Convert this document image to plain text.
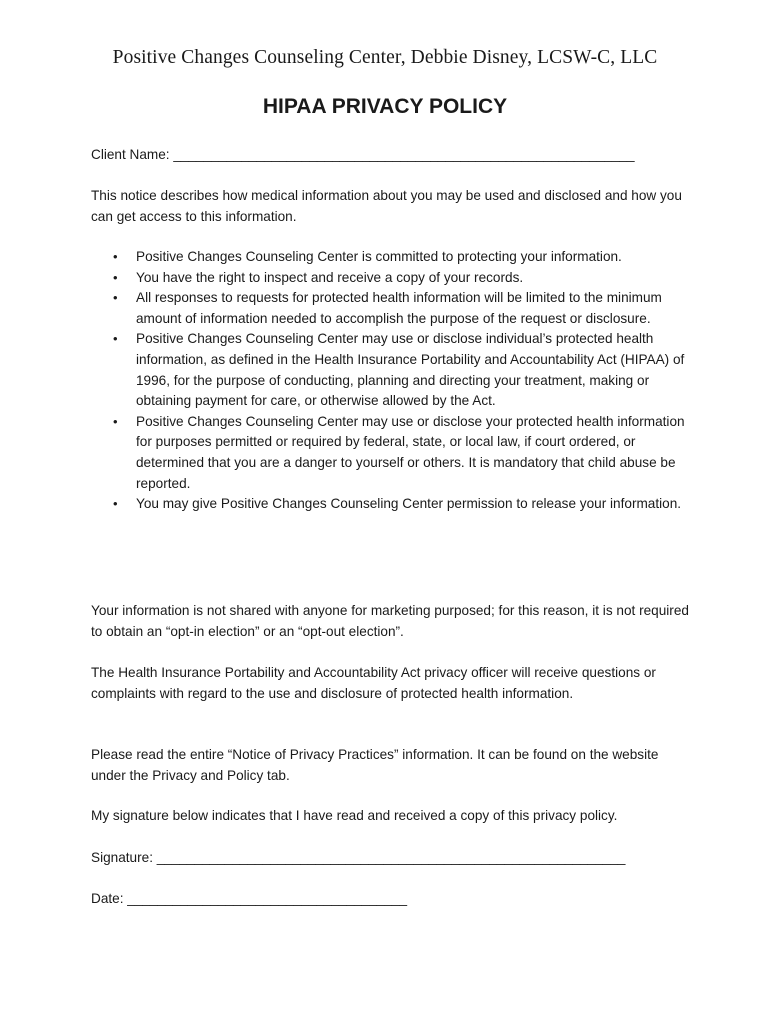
Positive Changes Counseling Center, Debbie Disney, LCSW-C, LLC
HIPAA PRIVACY POLICY
Client Name: _____________________________________________________________

This notice describes how medical information about you may be used and disclosed and how you can get access to this information.

• Positive Changes Counseling Center is committed to protecting your information.
• You have the right to inspect and receive a copy of your records.
• All responses to requests for protected health information will be limited to the minimum amount of information needed to accomplish the purpose of the request or disclosure.
• Positive Changes Counseling Center may use or disclose individual’s protected health information, as defined in the Health Insurance Portability and Accountability Act (HIPAA) of 1996, for the purpose of conducting, planning and directing your treatment, making or obtaining payment for care, or otherwise allowed by the Act.
• Positive Changes Counseling Center may use or disclose your protected health information for purposes permitted or required by federal, state, or local law, if court ordered, or determined that you are a danger to yourself or others. It is mandatory that child abuse be reported.
• You may give Positive Changes Counseling Center permission to release your information.

Your information is not shared with anyone for marketing purposed; for this reason, it is not required to obtain an “opt-in election” or an “opt-out election”.

The Health Insurance Portability and Accountability Act privacy officer will receive questions or complaints with regard to the use and disclosure of protected health information.

Please read the entire “Notice of Privacy Practices” information. It can be found on the website under the Privacy and Policy tab.

My signature below indicates that I have read and received a copy of this privacy policy.

Signature: ______________________________________________________________
Date: _____________________________________
